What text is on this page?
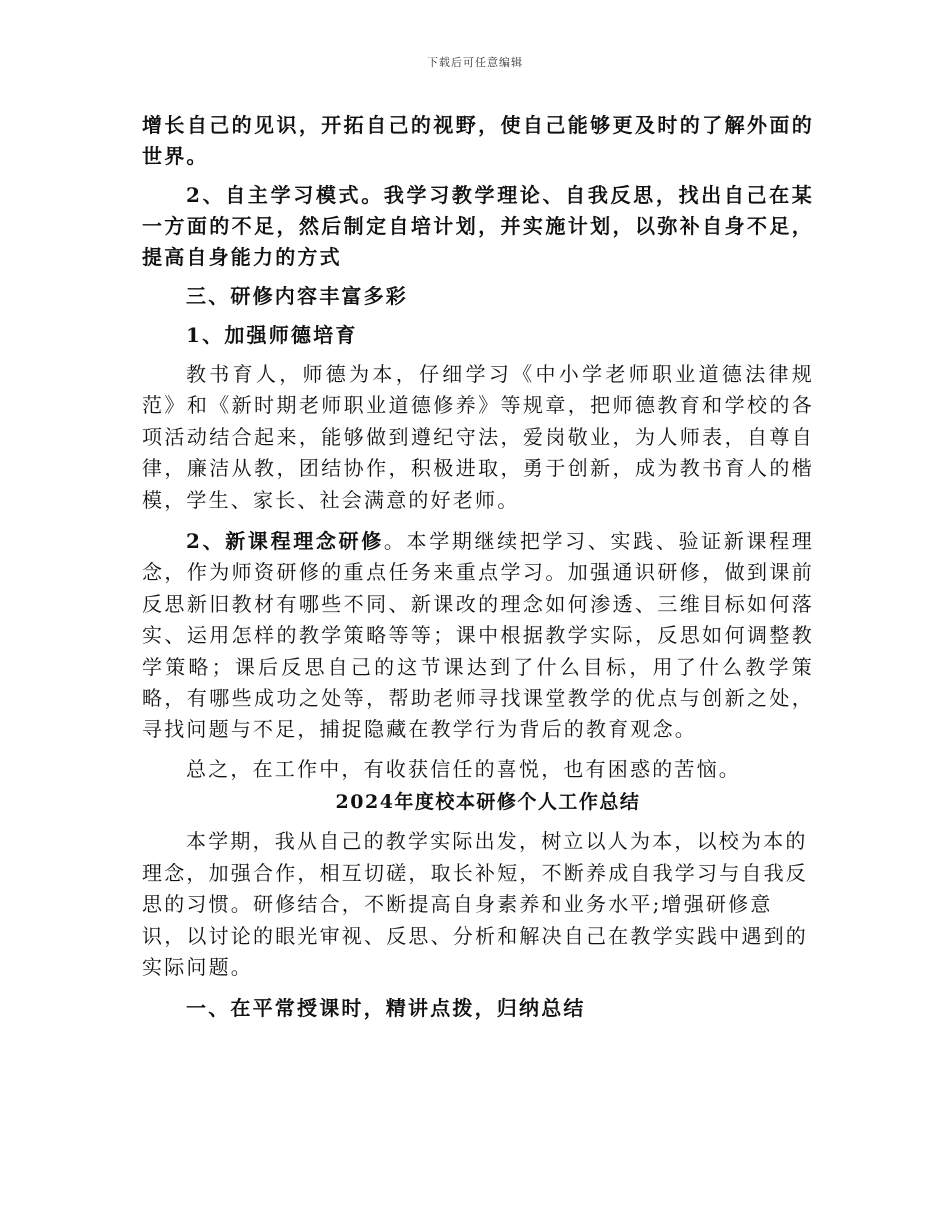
下载后可任意编辑

增长自己的见识，开拓自己的视野，使自己能够更及时的了解外面的世界。

2、自主学习模式。我学习教学理论、自我反思，找出自己在某一方面的不足，然后制定自培计划，并实施计划，以弥补自身不足，提高自身能力的方式

三、研修内容丰富多彩

1、加强师德培育

教书育人，师德为本，仔细学习《中小学老师职业道德法律规范》和《新时期老师职业道德修养》等规章，把师德教育和学校的各项活动结合起来，能够做到遵纪守法，爱岗敬业，为人师表，自尊自律，廉洁从教，团结协作，积极进取，勇于创新，成为教书育人的楷模，学生、家长、社会满意的好老师。

2、新课程理念研修。本学期继续把学习、实践、验证新课程理念，作为师资研修的重点任务来重点学习。加强通识研修，做到课前反思新旧教材有哪些不同、新课改的理念如何渗透、三维目标如何落实、运用怎样的教学策略等等；课中根据教学实际，反思如何调整教学策略；课后反思自己的这节课达到了什么目标，用了什么教学策略，有哪些成功之处等，帮助老师寻找课堂教学的优点与创新之处，寻找问题与不足，捕捉隐藏在教学行为背后的教育观念。

总之，在工作中，有收获信任的喜悦，也有困惑的苦恼。

2024年度校本研修个人工作总结

本学期，我从自己的教学实际出发，树立以人为本，以校为本的理念，加强合作，相互切磋，取长补短，不断养成自我学习与自我反思的习惯。研修结合，不断提高自身素养和业务水平;增强研修意识，以讨论的眼光审视、反思、分析和解决自己在教学实践中遇到的实际问题。

一、在平常授课时，精讲点拨，归纳总结
